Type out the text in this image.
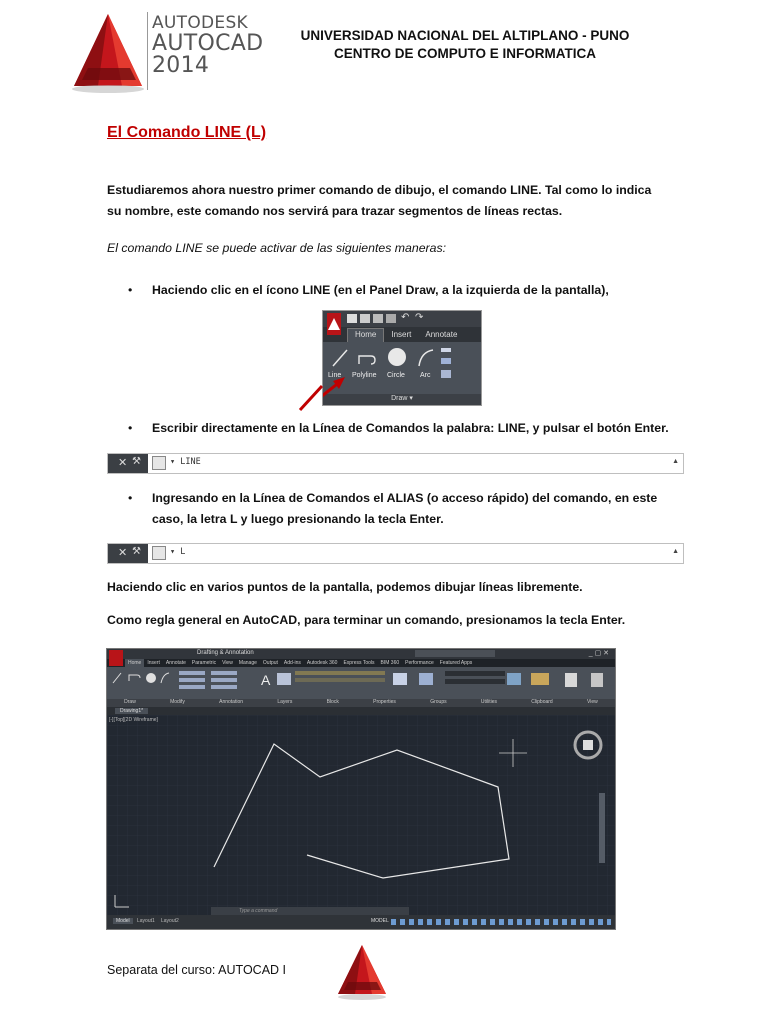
AUTODESK
AUTOCAD
2014
UNIVERSIDAD NACIONAL DEL ALTIPLANO - PUNO
CENTRO DE COMPUTO E INFORMATICA
El Comando LINE (L)
Estudiaremos ahora nuestro primer comando de dibujo, el comando LINE. Tal como lo indica su nombre, este comando nos servirá para trazar segmentos de líneas rectas.
El comando LINE se puede activar de las siguientes maneras:
• Haciendo clic en el ícono LINE (en el Panel Draw, a la izquierda de la pantalla),
↶ ↷
Home	Insert	Annotate
Line Polyline Circle Arc
Draw ▾
• Escribir directamente en la Línea de Comandos la palabra: LINE, y pulsar el botón Enter.
✕ ⚒	▾ LINE	▲
• Ingresando en la Línea de Comandos el ALIAS (o acceso rápido) del comando, en este caso, la letra L y luego presionando la tecla Enter.
✕ ⚒	▾ L	▲
Haciendo clic en varios puntos de la pantalla, podemos dibujar líneas libremente.
Como regla general en AutoCAD, para terminar un comando, presionamos la tecla Enter.
Drafting & Annotation	_ ▢ ✕
Home	Insert	Annotate	Parametric	View	Manage	Output	Add-ins	Autodesk 360	Express Tools	BIM 360	Performance	Featured Apps
A
Draw	Modify	Annotation	Layers	Block	Properties	Groups	Utilities	Clipboard	View
Drawing1*
[-][Top][2D Wireframe]
Type a command
Model	Layout1 Layout2	MODEL
Separata del curso: AUTOCAD I
